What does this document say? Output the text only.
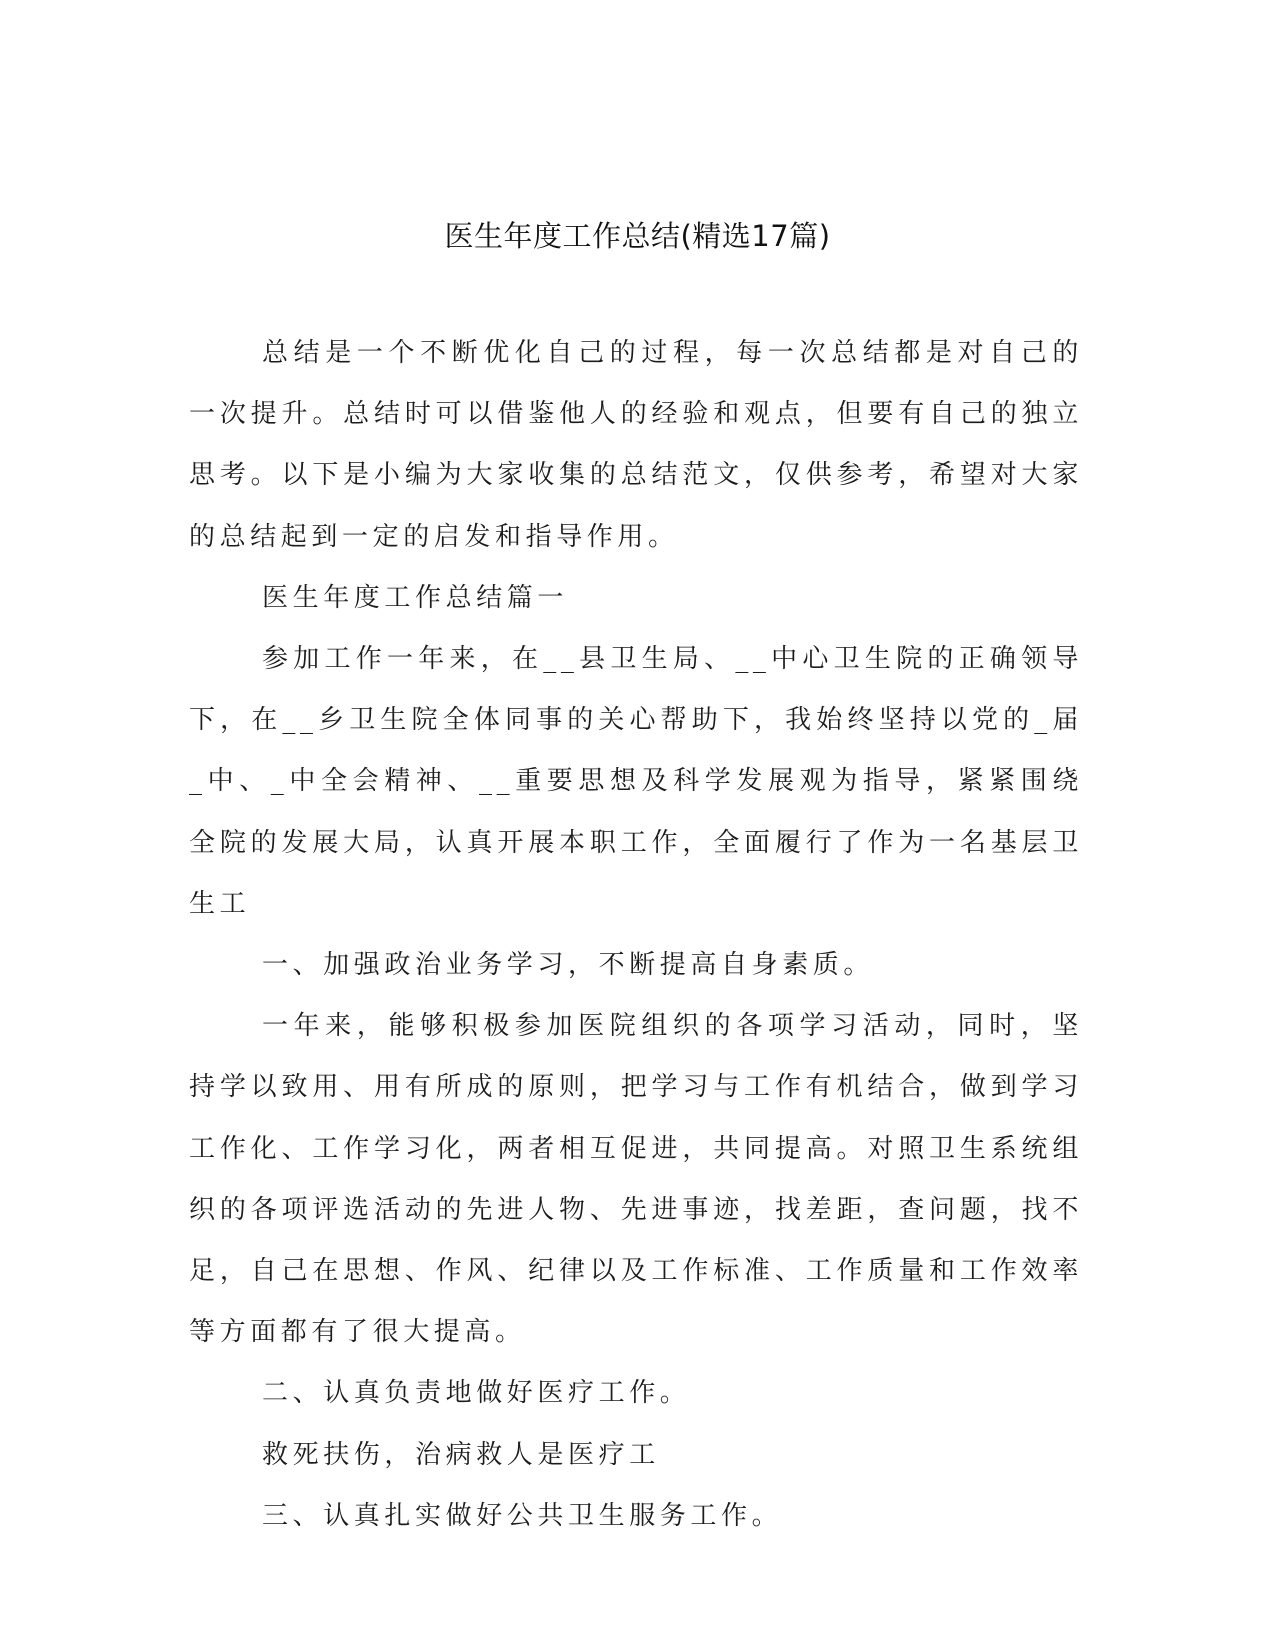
医生年度工作总结(精选17篇)

总结是一个不断优化自己的过程，每一次总结都是对自己的一次提升。总结时可以借鉴他人的经验和观点，但要有自己的独立思考。以下是小编为大家收集的总结范文，仅供参考，希望对大家的总结起到一定的启发和指导作用。

医生年度工作总结篇一

参加工作一年来，在__县卫生局、__中心卫生院的正确领导下，在__乡卫生院全体同事的关心帮助下，我始终坚持以党的_届_中、_中全会精神、__重要思想及科学发展观为指导，紧紧围绕全院的发展大局，认真开展本职工作，全面履行了作为一名基层卫生工

一、加强政治业务学习，不断提高自身素质。

一年来，能够积极参加医院组织的各项学习活动，同时，坚持学以致用、用有所成的原则，把学习与工作有机结合，做到学习工作化、工作学习化，两者相互促进，共同提高。对照卫生系统组织的各项评选活动的先进人物、先进事迹，找差距，查问题，找不足，自己在思想、作风、纪律以及工作标准、工作质量和工作效率等方面都有了很大提高。

二、认真负责地做好医疗工作。

救死扶伤，治病救人是医疗工

三、认真扎实做好公共卫生服务工作。
